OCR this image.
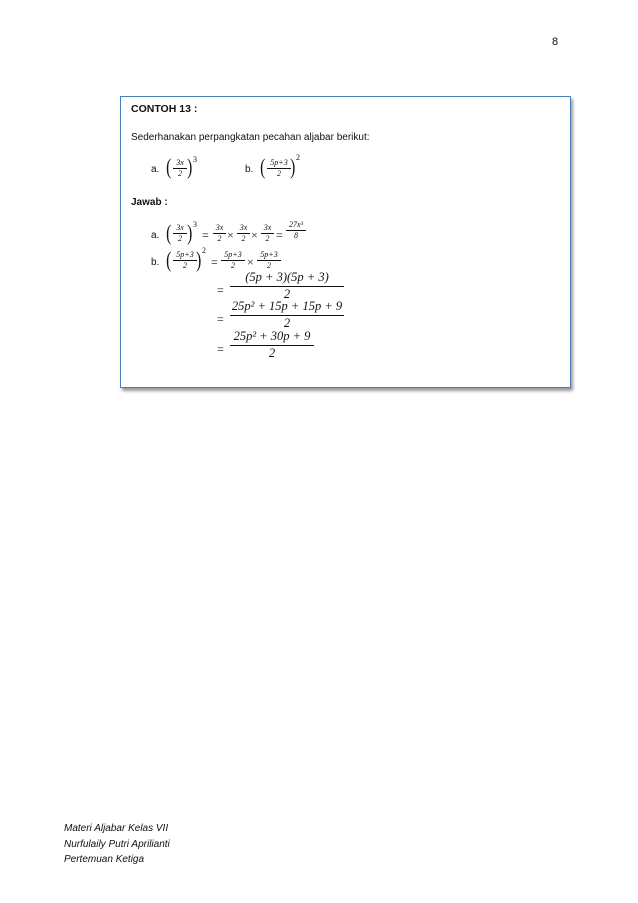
8
CONTOH 13 :
Sederhanakan perpangkatan pecahan aljabar berikut:
a. ( 3x
2 ) 3
b. ( 5p+3
2 ) 2
Jawab :
a. ( 3x
2 ) 3
=
3x
2 ×
3x
2 ×
3x
2 =
27x³
8
b. ( 5p+3
2 ) 2
=
5p+3
2	×
5p+3
2
=
(5p + 3)(5p + 3)
2
=
25p² + 15p + 15p + 9
2
=
25p² + 30p + 9
2
Materi Aljabar Kelas VII
Nurfulaily Putri Aprilianti
Pertemuan Ketiga
